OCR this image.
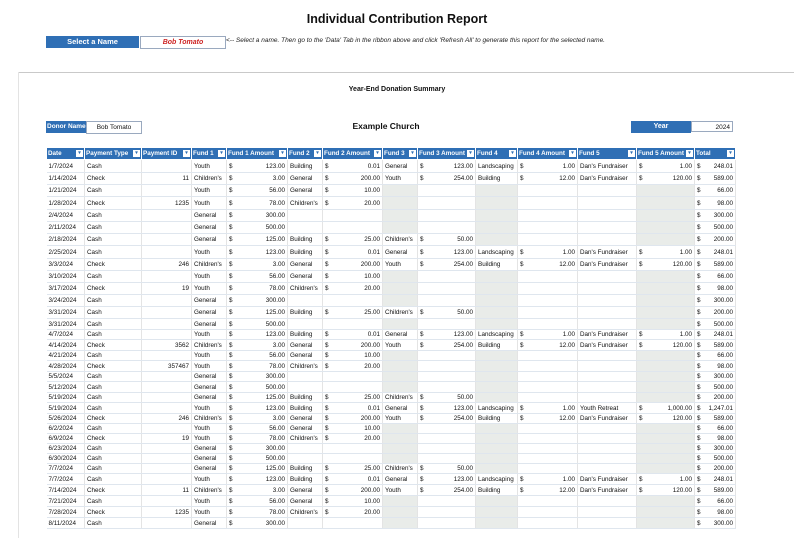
Individual Contribution Report
Select a Name	Bob Tomato	<-- Select a name. Then go to the 'Data' Tab in the ribbon above and click 'Refresh All' to generate this report for the selected name.
Year-End Donation Summary
Donor Name	Bob Tomato	Example Church	Year	2024
Date ▾	Payment Type ▾	Payment ID ▾	Fund 1 ▾	Fund 1 Amount ▾	Fund 2 ▾	Fund 2 Amount ▾	Fund 3 ▾	Fund 3 Amount ▾	Fund 4 ▾	Fund 4 Amount ▾	Fund 5 ▾	Fund 5 Amount ▾	Total ▾

1/7/2024	Cash		Youth	$ 123.00	Building	$ 0.01	General	$ 123.00	Landscaping	$ 1.00	Dan's Fundraiser	$ 1.00	$ 248.01
1/14/2024	Check	11	Children's	$ 3.00	General	$ 200.00	Youth	$ 254.00	Building	$ 12.00	Dan's Fundraiser	$ 120.00	$ 589.00
1/21/2024	Cash		Youth	$ 56.00	General	$ 10.00							$ 66.00
1/28/2024	Check	1235	Youth	$ 78.00	Children's	$ 20.00							$ 98.00
2/4/2024	Cash		General	$ 300.00									$ 300.00
2/11/2024	Cash		General	$ 500.00									$ 500.00
2/18/2024	Cash		General	$ 125.00	Building	$ 25.00	Children's	$ 50.00					$ 200.00
2/25/2024	Cash		Youth	$ 123.00	Building	$ 0.01	General	$ 123.00	Landscaping	$ 1.00	Dan's Fundraiser	$ 1.00	$ 248.01
3/3/2024	Check	246	Children's	$ 3.00	General	$ 200.00	Youth	$ 254.00	Building	$ 12.00	Dan's Fundraiser	$ 120.00	$ 589.00
3/10/2024	Cash		Youth	$ 56.00	General	$ 10.00							$ 66.00
3/17/2024	Check	19	Youth	$ 78.00	Children's	$ 20.00							$ 98.00
3/24/2024	Cash		General	$ 300.00									$ 300.00
3/31/2024	Cash		General	$ 125.00	Building	$ 25.00	Children's	$ 50.00					$ 200.00
3/31/2024	Cash		General	$ 500.00									$ 500.00
4/7/2024	Cash		Youth	$ 123.00	Building	$ 0.01	General	$ 123.00	Landscaping	$ 1.00	Dan's Fundraiser	$ 1.00	$ 248.01
4/14/2024	Check	3562	Children's	$ 3.00	General	$ 200.00	Youth	$ 254.00	Building	$ 12.00	Dan's Fundraiser	$ 120.00	$ 589.00
4/21/2024	Cash		Youth	$ 56.00	General	$ 10.00							$ 66.00
4/28/2024	Check	357467	Youth	$ 78.00	Children's	$ 20.00							$ 98.00
5/5/2024	Cash		General	$ 300.00									$ 300.00
5/12/2024	Cash		General	$ 500.00									$ 500.00
5/19/2024	Cash		General	$ 125.00	Building	$ 25.00	Children's	$ 50.00					$ 200.00
5/19/2024	Cash		Youth	$ 123.00	Building	$ 0.01	General	$ 123.00	Landscaping	$ 1.00	Youth Retreat	$ 1,000.00	$ 1,247.01
5/26/2024	Check	246	Children's	$ 3.00	General	$ 200.00	Youth	$ 254.00	Building	$ 12.00	Dan's Fundraiser	$ 120.00	$ 589.00
6/2/2024	Cash		Youth	$ 56.00	General	$ 10.00							$ 66.00
6/9/2024	Check	19	Youth	$ 78.00	Children's	$ 20.00							$ 98.00
6/23/2024	Cash		General	$ 300.00									$ 300.00
6/30/2024	Cash		General	$ 500.00									$ 500.00
7/7/2024	Cash		General	$ 125.00	Building	$ 25.00	Children's	$ 50.00					$ 200.00
7/7/2024	Cash		Youth	$ 123.00	Building	$ 0.01	General	$ 123.00	Landscaping	$ 1.00	Dan's Fundraiser	$ 1.00	$ 248.01
7/14/2024	Check	11	Children's	$ 3.00	General	$ 200.00	Youth	$ 254.00	Building	$ 12.00	Dan's Fundraiser	$ 120.00	$ 589.00
7/21/2024	Cash		Youth	$ 56.00	General	$ 10.00							$ 66.00
7/28/2024	Check	1235	Youth	$ 78.00	Children's	$ 20.00							$ 98.00
8/11/2024	Cash		General	$ 300.00									$ 300.00
